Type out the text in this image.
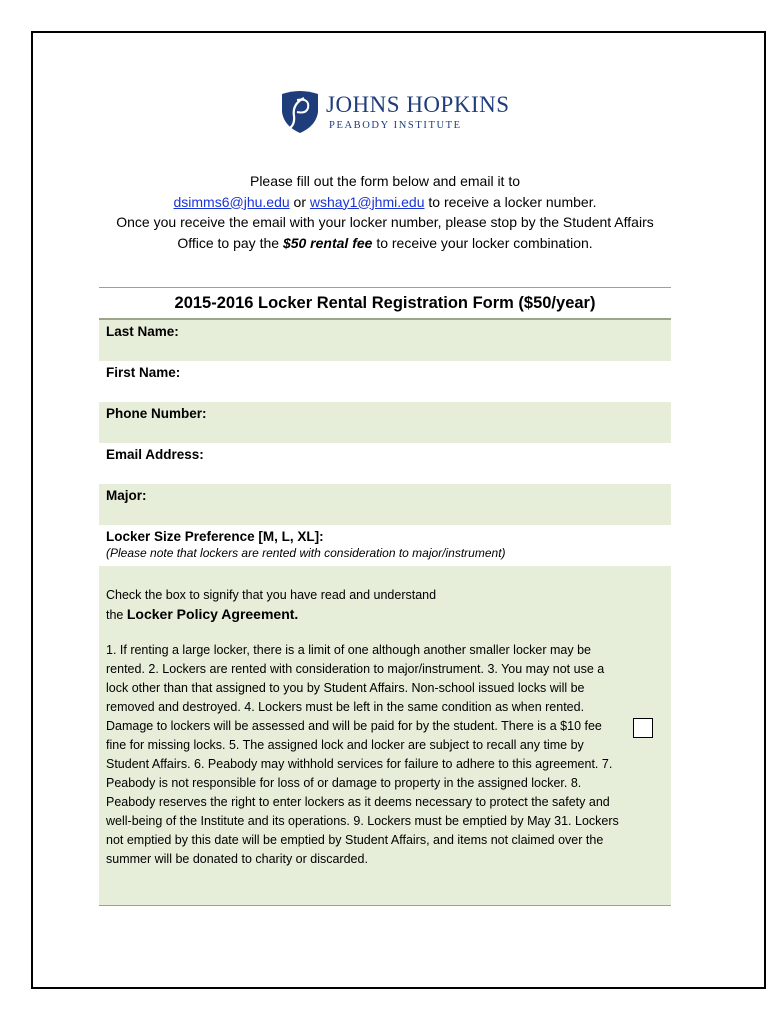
JOHNS HOPKINS
PEABODY INSTITUTE
Please fill out the form below and email it to
dsimms6@jhu.edu or wshay1@jhmi.edu to receive a locker number.
Once you receive the email with your locker number, please stop by the Student Affairs
Office to pay the $50 rental fee to receive your locker combination.
2015-2016 Locker Rental Registration Form ($50/year)
Last Name:
First Name:
Phone Number:
Email Address:
Major:
Locker Size Preference [M, L, XL]:
(Please note that lockers are rented with consideration to major/instrument)
Check the box to signify that you have read and understand
the Locker Policy Agreement.
1. If renting a large locker, there is a limit of one although another smaller locker may be rented. 2. Lockers are rented with consideration to major/instrument. 3. You may not use a lock other than that assigned to you by Student Affairs. Non-school issued locks will be removed and destroyed. 4. Lockers must be left in the same condition as when rented. Damage to lockers will be assessed and will be paid for by the student. There is a $10 fee fine for missing locks. 5. The assigned lock and locker are subject to recall any time by Student Affairs. 6. Peabody may withhold services for failure to adhere to this agreement. 7. Peabody is not responsible for loss of or damage to property in the assigned locker. 8. Peabody reserves the right to enter lockers as it deems necessary to protect the safety and well-being of the Institute and its operations. 9. Lockers must be emptied by May 31. Lockers not emptied by this date will be emptied by Student Affairs, and items not claimed over the summer will be donated to charity or discarded.
